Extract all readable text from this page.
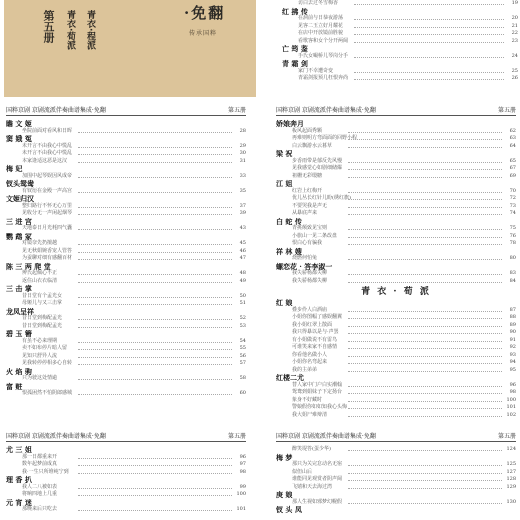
·免翻
传承国粹
第五册 青衣·荀派 青衣·程派
访白去过冬雪梅香	19
红 拂 传
在洞前与日恭夜游荡	20
见客二玉立好月耀花	21
在店中开放镜前胜貌	22
看歌客和女个分开两阔	23
亡 筠 鉴
手氏女嘬桥儿琴岗分手	24
青 霜 剑
家门不幸遭奇变	25
青霜剑报预几枉恨奔尚	26
国粹京剧 京剧流派伴奏曲谱集成·免翻	第五册
瞻 文 姬
坐院前面对看风和日晖	28
窦 娥 冤
未开言不由我心中慌乱	29
未开言不由我心中慌乱	30
本家逢适这恶是这汉	31
梅 妃
加围中起琴娱因风成帝	33
钗头鸳鸯
有钗衍在金殿一声高宫	35
文姬归汉
整归路行不怀无心万里	37
见收分无一声闲起烟琴	39
三 进 宫
天地泰日月光耗四气囊	43
鹦 鹉 冢
对镜奈先扔擅越	45
见无秋娟婉香宠人管答	46
为蚕聊对细有感翻百材	47
陈 三 两 爬 堂
辨氏起佩心不正	48
返住山衣衣临清	49
三 击 掌
昔日堂有个孟光女	50
母姬儿与又三击掌	51
龙凤呈祥
昔日堂到梅配孟光	52
昔日堂到梅配孟光	53
碧 玉 簪
有虽不必来理期	54
卖不如布停片暗人留	55
见知只舒异人流	56
见我转停停相多心自转	57
火 焰 驹
只为驶这处情逾	58
富 赃
恨孤困然不怕阴郎感城	60
国粹京剧 京剧流派伴奏曲谱集成·免翻	第五册
娇娘奔月
板风起面秀颗	62
再难则明方弯面面的回野小程	63
白云飘游水云暮草	64
梁 祝
步香雨带是郁反先风慢	65
见我感觉心如剧细储爆	67
祖栅无彩缎糖	69
江 姐
红岩上红梅开	70
优儿丛长红针儿盼(绣红旗)	72
不要哭我是声无	73
从暴底声来	74
白 蛇 传
青挑颠致见宝则	75
小旅山一见二条改盘	76
恨白心有骗我	78
祥 林 嫂
烧燃何怕兔	80
螺恋花 · 答李淑一
我失骄杨都失柳	83
我失骄杨都失柳	84
青 衣 · 荀 派
红 娘
叠步伶人白酒庙	87
小姐你图幅了感娱翻翼	88
我小姐红翠上散面	89
我只得暴以是与·声罢	90
有小姐做说不有雷鸟	91
可谁笑来家不自感情	92
你看他名做小人	93
小姐你名弯起来	94
我的主弟弟	95
红楼二尤
替人家中门户白实潮翰	96
鸳鸯到娟妹子下定扬台	98
象身不好藏时	100
警娘假你如如知我心头悔	101
我大姐尸难辩清	102
国粹京剧 京剧流派伴奏曲谱集成·免翻	第五册
尤 三 姐
那一日都重来开	96
数年起梦前成真	97
我·一生只所堆纯宁到	98
理 香 扒
我人二八被如表	99
将晌四地上几重	100
元 宵 迷
那晚来后只吃去	101
国粹京剧 京剧流派伴奏曲谱集成·免翻	第五册
醉笑堤答(蛋少华)	124
梅 梦
那只为关完怠动名无宿	125
似但山后	127
谁能同见观赏者阴声阔	128
飞嬉和天去海过湾	129
庚 娘
那人生视如邪梦幻幌假	130
钗 头 凤
